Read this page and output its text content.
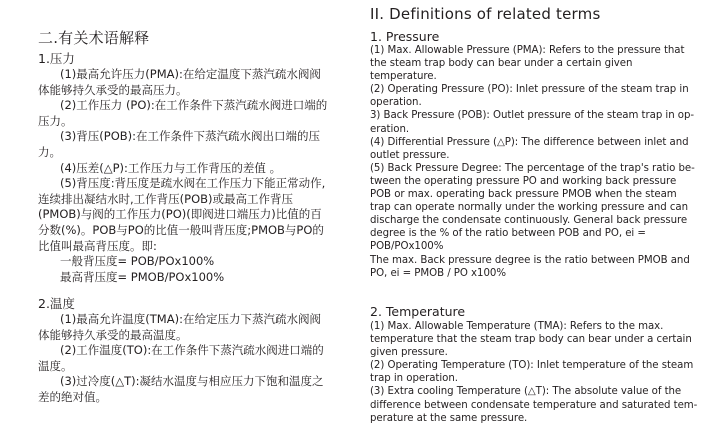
二.有关术语解释
1.压力

(1)最高允许压力(PMA):在给定温度下蒸汽疏水阀阀体能够持久承受的最高压力。

(2)工作压力 (PO):在工作条件下蒸汽疏水阀进口端的压力。

(3)背压(POB):在工作条件下蒸汽疏水阀出口端的压力。

(4)压差(△P):工作压力与工作背压的差值 。

(5)背压度:背压度是疏水阀在工作压力下能正常动作,连续排出凝结水时,工作背压(POB)或最高工作背压(PMOB)与阀的工作压力(PO)(即阀进口端压力)比值的百分数(%)。POB与PO的比值一般叫背压度;PMOB与PO的比值叫最高背压度。即:

一般背压度= POB/POx100%

最高背压度= PMOB/POx100%

2.温度

(1)最高允许温度(TMA):在给定压力下蒸汽疏水阀阀体能够持久承受的最高温度。

(2)工作温度(TO):在工作条件下蒸汽疏水阀进口端的温度。

(3)过冷度(△T):凝结水温度与相应压力下饱和温度之差的绝对值。

II. Definitions of related terms
1. Pressure

(1) Max. Allowable Pressure (PMA): Refers to the pressure that the steam trap body can bear under a certain given temperature.

(2) Operating Pressure (PO): Inlet pressure of the steam trap in operation.

3) Back Pressure (POB): Outlet pressure of the steam trap in op-eration.

(4) Differential Pressure (△P): The difference between inlet and outlet pressure.

(5) Back Pressure Degree: The percentage of the trap's ratio be-tween the operating pressure PO and working back pressure POB or max. operating back pressure PMOB when the steam trap can operate normally under the working pressure and can discharge the condensate continuously. General back pressure degree is the % of the ratio between POB and PO, ei = POB/POx100%

The max. Back pressure degree is the ratio between PMOB and PO, ei = PMOB / PO x100%

2. Temperature

(1) Max. Allowable Temperature (TMA): Refers to the max. temperature that the steam trap body can bear under a certain given pressure.

(2) Operating Temperature (TO): Inlet temperature of the steam trap in operation.

(3) Extra cooling Temperature (△T): The absolute value of the difference between condensate temperature and saturated tem-perature at the same pressure.
